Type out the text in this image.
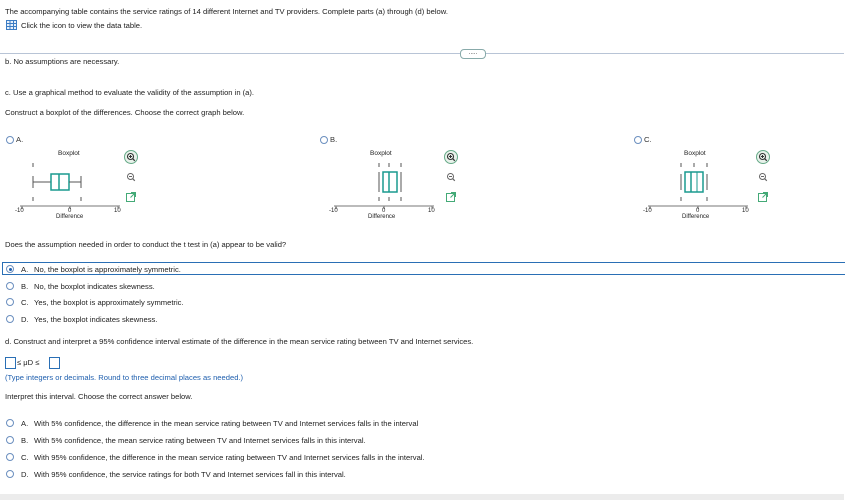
The accompanying table contains the service ratings of 14 different Internet and TV providers. Complete parts (a) through (d) below.
Click the icon to view the data table.
.....
b. No assumptions are necessary.
c. Use a graphical method to evaluate the validity of the assumption in (a).
Construct a boxplot of the differences. Choose the correct graph below.
A.
Boxplot
-10	0	10
Difference
B.
Boxplot
-10	0	10
Difference
C.
Boxplot
-10	0	10
Difference
Does the assumption needed in order to conduct the t test in (a) appear to be valid?
A. No, the boxplot is approximately symmetric.
B. No, the boxplot indicates skewness.
C. Yes, the boxplot is approximately symmetric.
D. Yes, the boxplot indicates skewness.
d. Construct and interpret a 95% confidence interval estimate of the difference in the mean service rating between TV and Internet services.
≤ μD ≤
(Type integers or decimals. Round to three decimal places as needed.)
Interpret this interval. Choose the correct answer below.
A. With 5% confidence, the difference in the mean service rating between TV and Internet services falls in the interval
B. With 5% confidence, the mean service rating between TV and Internet services falls in this interval.
C. With 95% confidence, the difference in the mean service rating between TV and Internet services falls in the interval.
D. With 95% confidence, the service ratings for both TV and Internet services fall in this interval.
